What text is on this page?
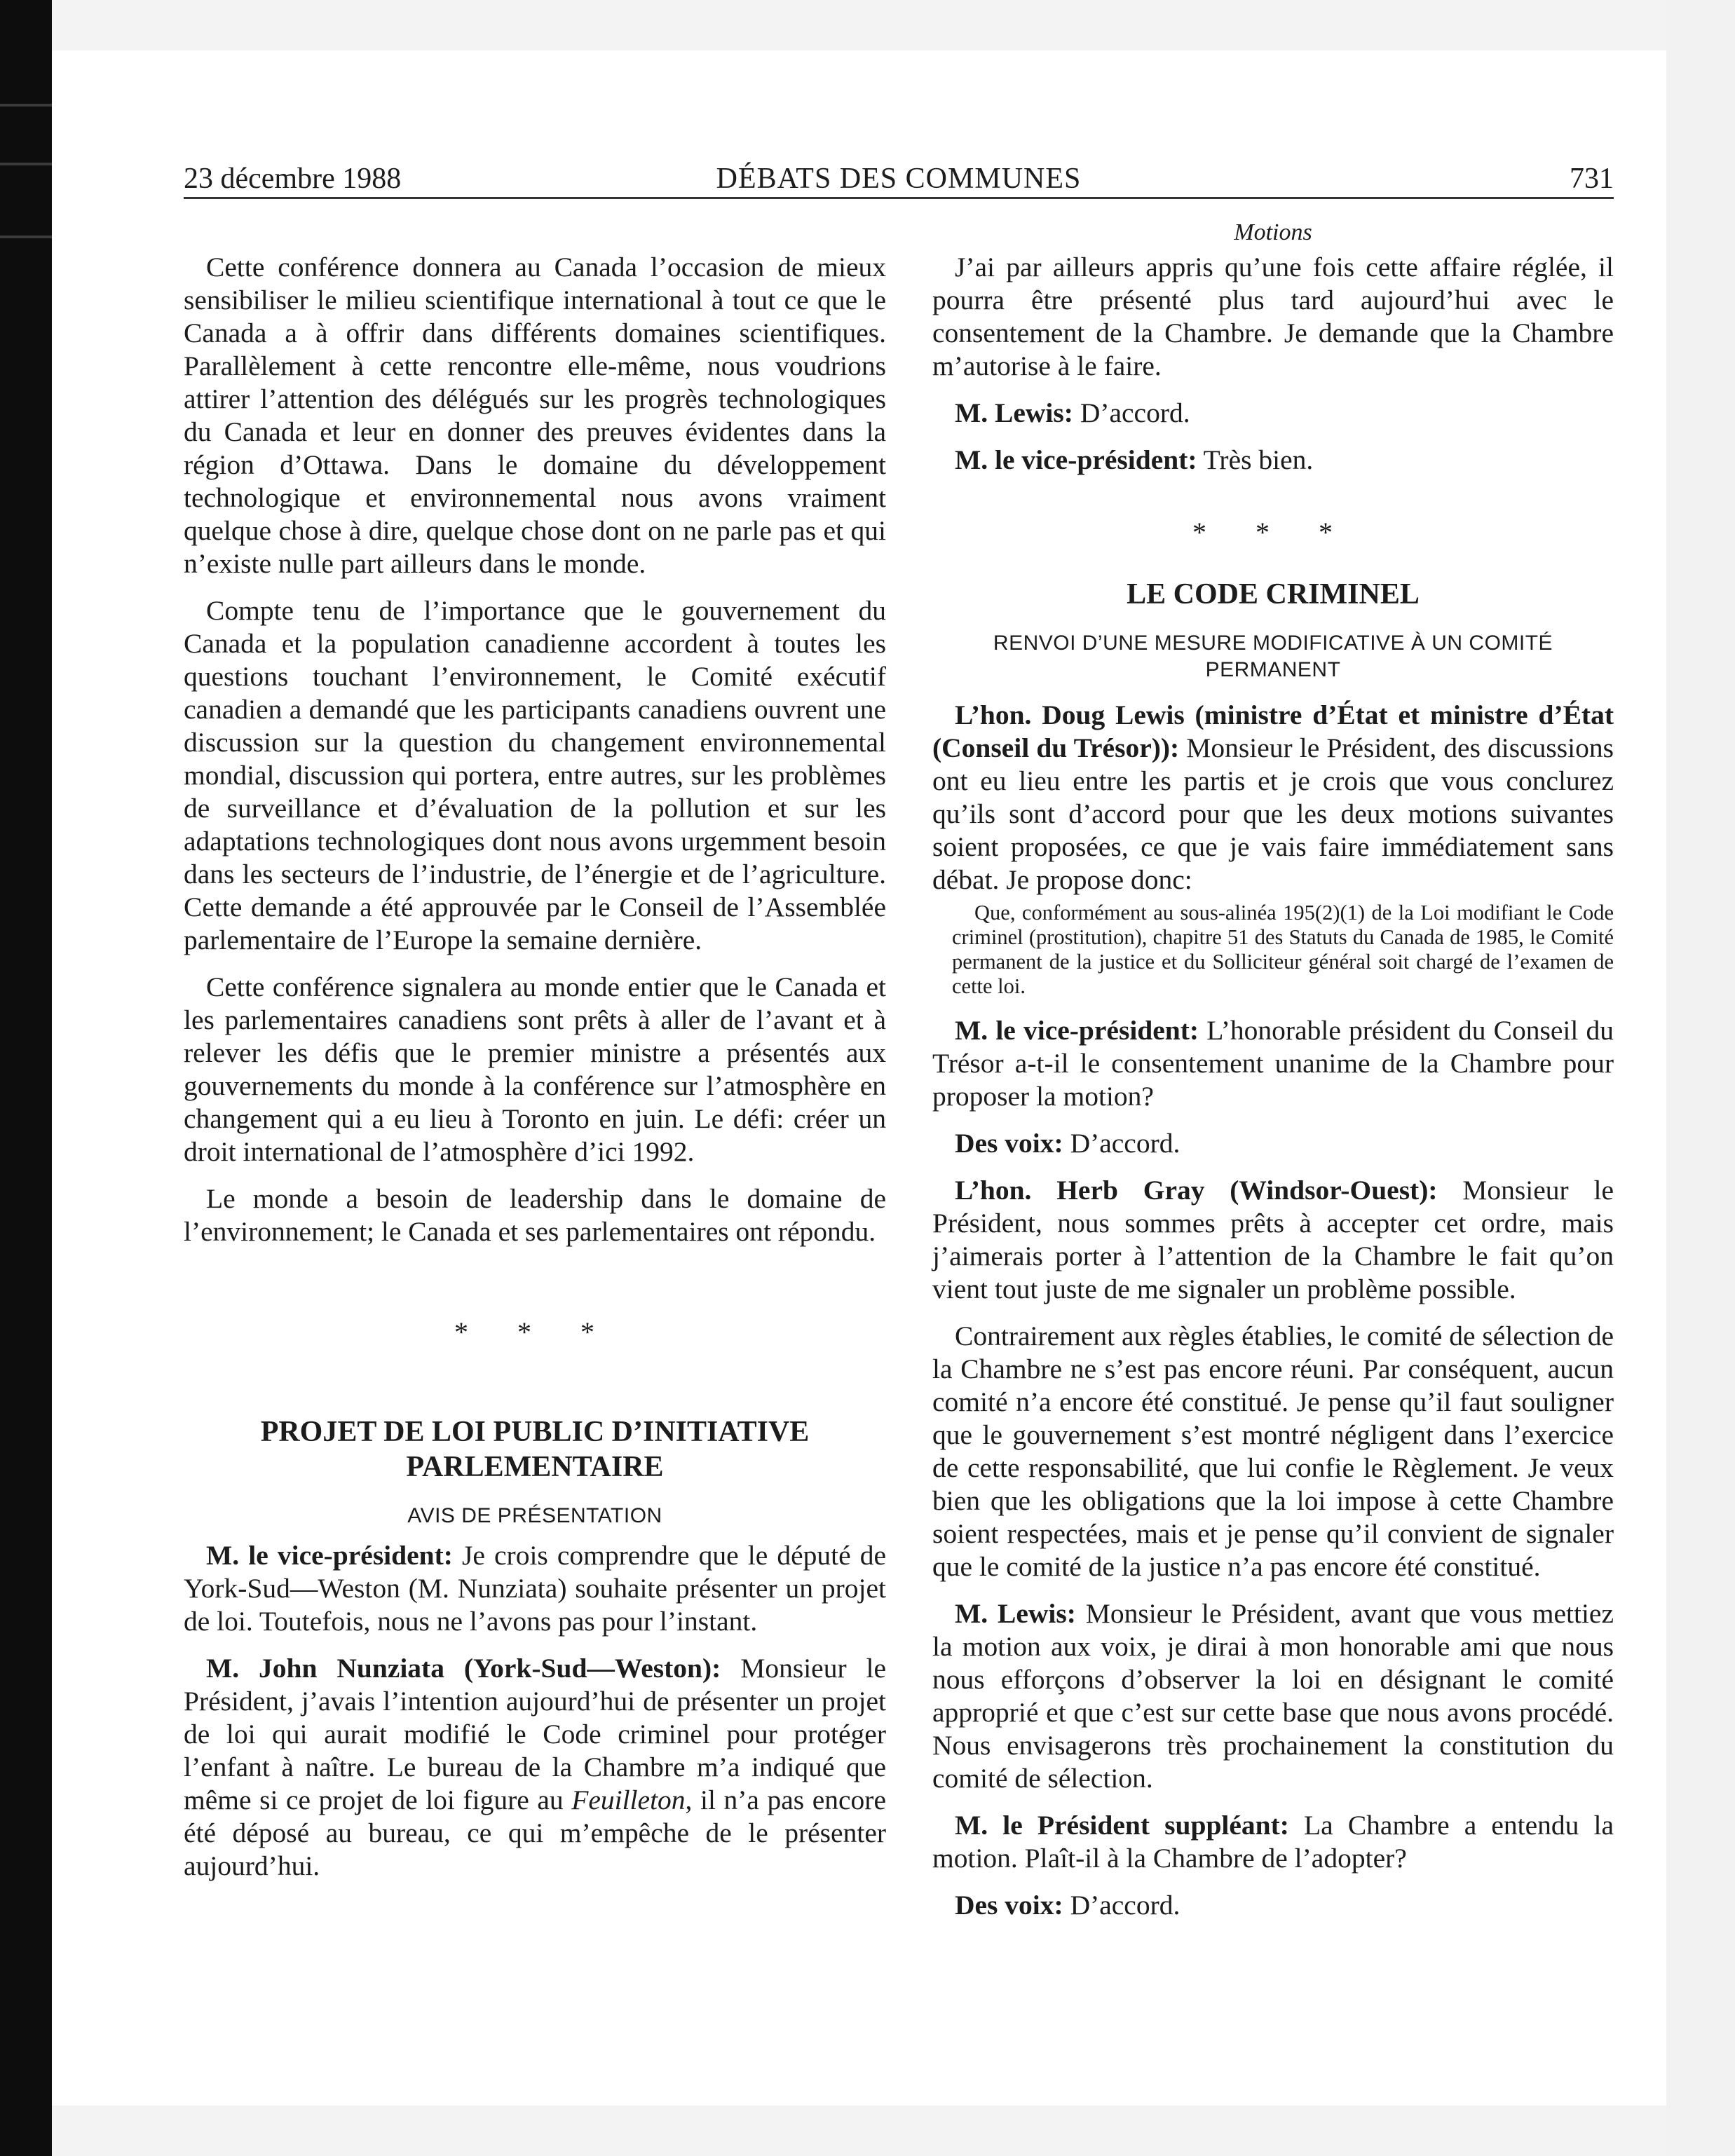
23 décembre 1988	DÉBATS DES COMMUNES	731
Motions

Cette conférence donnera au Canada l’occasion de mieux sensibiliser le milieu scientifique international à tout ce que le Canada a à offrir dans différents domaines scientifiques. Parallèlement à cette rencontre elle-même, nous voudrions attirer l’attention des délégués sur les progrès technologiques du Canada et leur en donner des preuves évidentes dans la région d’Ottawa. Dans le domaine du développement technologique et environnemental nous avons vraiment quelque chose à dire, quelque chose dont on ne parle pas et qui n’existe nulle part ailleurs dans le monde.

Compte tenu de l’importance que le gouvernement du Canada et la population canadienne accordent à toutes les questions touchant l’environnement, le Comité exécutif canadien a demandé que les participants canadiens ouvrent une discussion sur la question du changement environnemental mondial, discussion qui portera, entre autres, sur les problèmes de surveillance et d’évaluation de la pollution et sur les adaptations technologiques dont nous avons urgemment besoin dans les secteurs de l’industrie, de l’énergie et de l’agriculture. Cette demande a été approuvée par le Conseil de l’Assemblée parlementaire de l’Europe la semaine dernière.

Cette conférence signalera au monde entier que le Canada et les parlementaires canadiens sont prêts à aller de l’avant et à relever les défis que le premier ministre a présentés aux gouvernements du monde à la conférence sur l’atmosphère en changement qui a eu lieu à Toronto en juin. Le défi: créer un droit international de l’atmosphère d’ici 1992.

Le monde a besoin de leadership dans le domaine de l’environnement; le Canada et ses parlementaires ont répondu.

* * *

PROJET DE LOI PUBLIC D’INITIATIVE
PARLEMENTAIRE

AVIS DE PRÉSENTATION

M. le vice-président: Je crois comprendre que le député de York-Sud—Weston (M. Nunziata) souhaite présenter un projet de loi. Toutefois, nous ne l’avons pas pour l’instant.

M. John Nunziata (York-Sud—Weston): Monsieur le Président, j’avais l’intention aujourd’hui de présenter un projet de loi qui aurait modifié le Code criminel pour protéger l’enfant à naître. Le bureau de la Chambre m’a indiqué que même si ce projet de loi figure au Feuilleton, il n’a pas encore été déposé au bureau, ce qui m’empêche de le présenter aujourd’hui.

J’ai par ailleurs appris qu’une fois cette affaire réglée, il pourra être présenté plus tard aujourd’hui avec le consentement de la Chambre. Je demande que la Chambre m’autorise à le faire.

M. Lewis: D’accord.

M. le vice-président: Très bien.

* * *

LE CODE CRIMINEL

RENVOI D’UNE MESURE MODIFICATIVE À UN COMITÉ
PERMANENT

L’hon. Doug Lewis (ministre d’État et ministre d’État (Conseil du Trésor)): Monsieur le Président, des discussions ont eu lieu entre les partis et je crois que vous conclurez qu’ils sont d’accord pour que les deux motions suivantes soient proposées, ce que je vais faire immédiatement sans débat. Je propose donc:

Que, conformément au sous-alinéa 195(2)(1) de la Loi modifiant le Code criminel (prostitution), chapitre 51 des Statuts du Canada de 1985, le Comité permanent de la justice et du Solliciteur général soit chargé de l’examen de cette loi.

M. le vice-président: L’honorable président du Conseil du Trésor a-t-il le consentement unanime de la Chambre pour proposer la motion?

Des voix: D’accord.

L’hon. Herb Gray (Windsor-Ouest): Monsieur le Président, nous sommes prêts à accepter cet ordre, mais j’aimerais porter à l’attention de la Chambre le fait qu’on vient tout juste de me signaler un problème possible.

Contrairement aux règles établies, le comité de sélection de la Chambre ne s’est pas encore réuni. Par conséquent, aucun comité n’a encore été constitué. Je pense qu’il faut souligner que le gouvernement s’est montré négligent dans l’exercice de cette responsabilité, que lui confie le Règlement. Je veux bien que les obligations que la loi impose à cette Chambre soient respectées, mais et je pense qu’il convient de signaler que le comité de la justice n’a pas encore été constitué.

M. Lewis: Monsieur le Président, avant que vous mettiez la motion aux voix, je dirai à mon honorable ami que nous nous efforçons d’observer la loi en désignant le comité approprié et que c’est sur cette base que nous avons procédé. Nous envisagerons très prochainement la constitution du comité de sélection.

M. le Président suppléant: La Chambre a entendu la motion. Plaît-il à la Chambre de l’adopter?

Des voix: D’accord.
